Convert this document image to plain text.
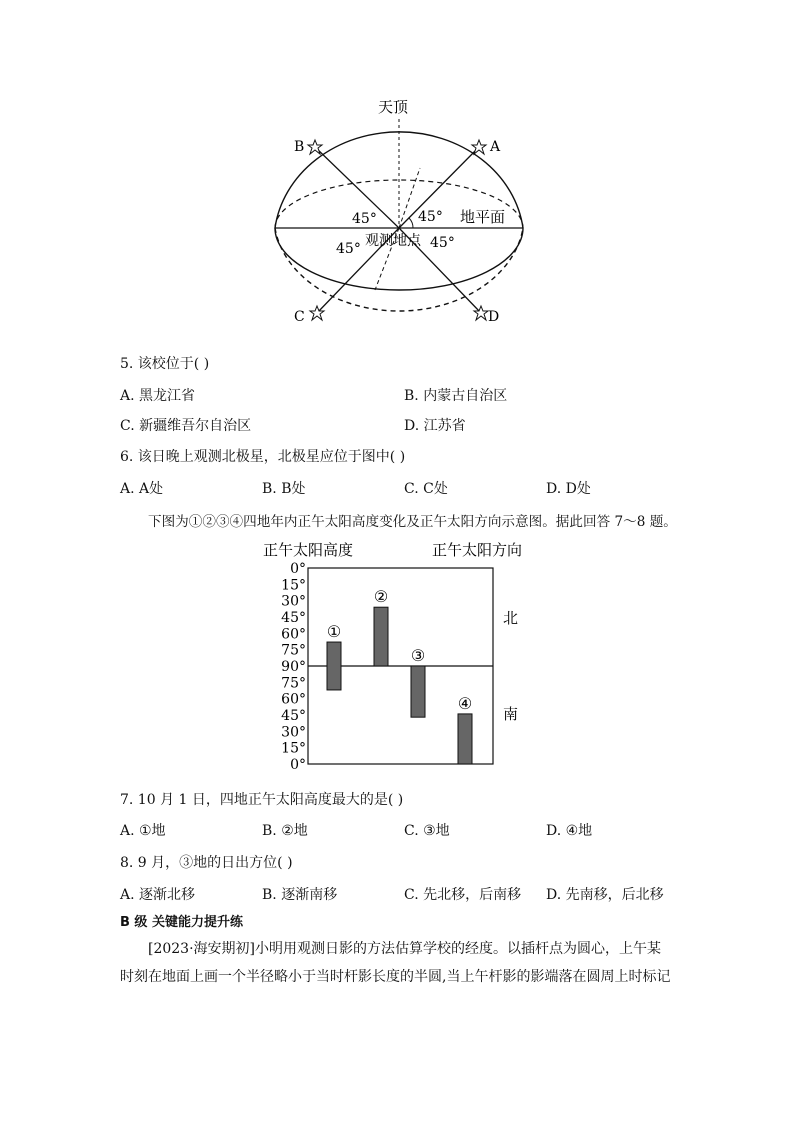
天顶
B	A
C	D
45°	45° 地平面
观测地点
45°	45°
5. 该校位于( )
A. 黑龙江省	B. 内蒙古自治区
C. 新疆维吾尔自治区	D. 江苏省
6. 该日晚上观测北极星，北极星应位于图中( )
A. A处	B. B处	C. C处	D. D处
下图为①②③④四地年内正午太阳高度变化及正午太阳方向示意图。据此回答 7～8 题。
正午太阳高度	正午太阳方向
0°
15°
30°
45°
60°
75°
90°
75°
60°
45°
30°
15°
0°
①
②
③
④
北
南
7. 10 月 1 日，四地正午太阳高度最大的是( )
A. ①地	B. ②地	C. ③地	D. ④地
8. 9 月，③地的日出方位( )
A. 逐渐北移	B. 逐渐南移	C. 先北移，后南移 D. 先南移，后北移
B 级 关键能力提升练
[2023·海安期初]小明用观测日影的方法估算学校的经度。以插杆点为圆心，上午某
时刻在地面上画一个半径略小于当时杆影长度的半圆,当上午杆影的影端落在圆周上时标记
